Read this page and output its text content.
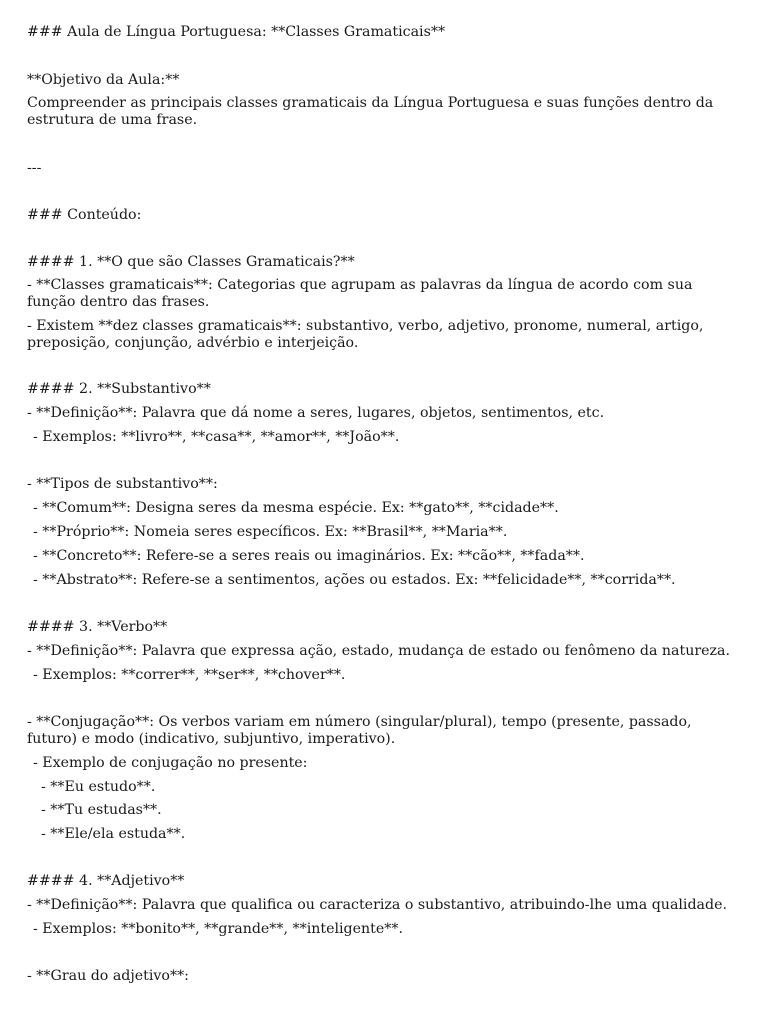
### Aula de Língua Portuguesa: **Classes Gramaticais**

**Objetivo da Aula:**

Compreender as principais classes gramaticais da Língua Portuguesa e suas funções dentro da estrutura de uma frase.

---

### Conteúdo:

#### 1. **O que são Classes Gramaticais?**

- **Classes gramaticais**: Categorias que agrupam as palavras da língua de acordo com sua função dentro das frases.

- Existem **dez classes gramaticais**: substantivo, verbo, adjetivo, pronome, numeral, artigo, preposição, conjunção, advérbio e interjeição.

#### 2. **Substantivo**

- **Definição**: Palavra que dá nome a seres, lugares, objetos, sentimentos, etc.

- Exemplos: **livro**, **casa**, **amor**, **João**.

- **Tipos de substantivo**:

- **Comum**: Designa seres da mesma espécie. Ex: **gato**, **cidade**.

- **Próprio**: Nomeia seres específicos. Ex: **Brasil**, **Maria**.

- **Concreto**: Refere-se a seres reais ou imaginários. Ex: **cão**, **fada**.

- **Abstrato**: Refere-se a sentimentos, ações ou estados. Ex: **felicidade**, **corrida**.

#### 3. **Verbo**

- **Definição**: Palavra que expressa ação, estado, mudança de estado ou fenômeno da natureza.

- Exemplos: **correr**, **ser**, **chover**.

- **Conjugação**: Os verbos variam em número (singular/plural), tempo (presente, passado, futuro) e modo (indicativo, subjuntivo, imperativo).

- Exemplo de conjugação no presente:

- **Eu estudo**.

- **Tu estudas**.

- **Ele/ela estuda**.

#### 4. **Adjetivo**

- **Definição**: Palavra que qualifica ou caracteriza o substantivo, atribuindo-lhe uma qualidade.

- Exemplos: **bonito**, **grande**, **inteligente**.

- **Grau do adjetivo**:
